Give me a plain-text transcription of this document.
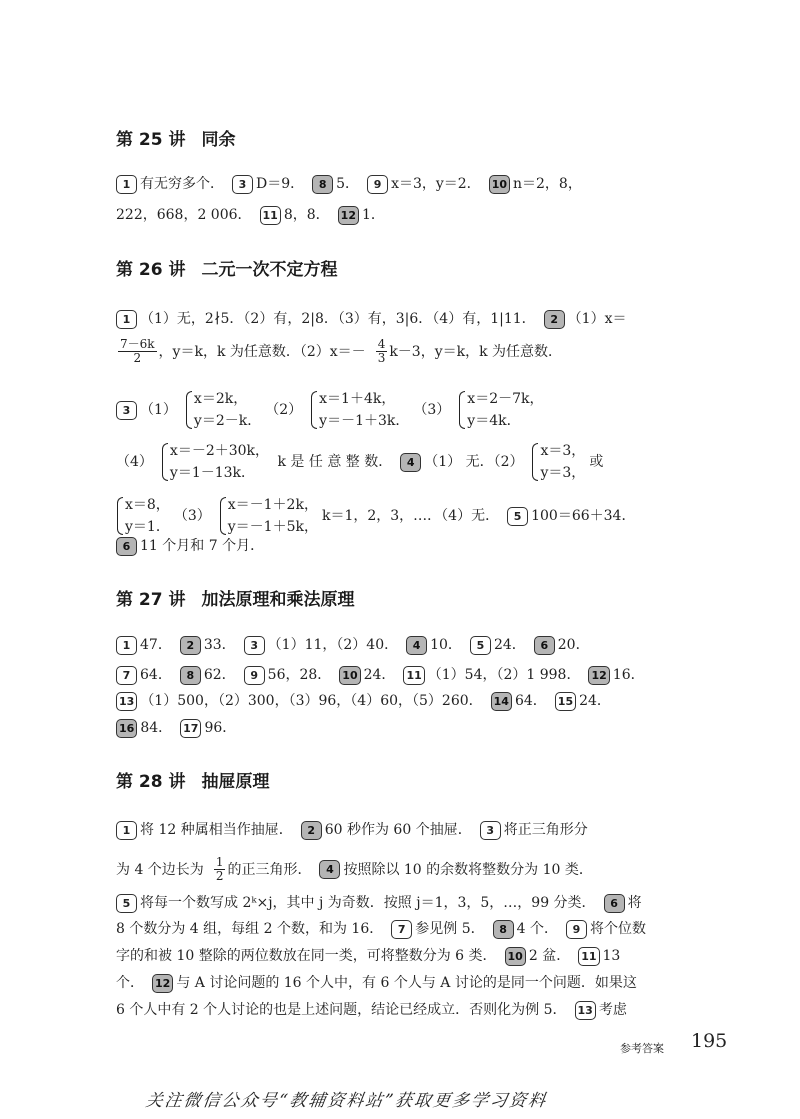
第 25 讲 同余
1 有无穷多个． 3 D＝9． 8 5． 9 x＝3，y＝2． 10 n＝2，8，
222，668，2 006． 11 8，8． 12 1．
第 26 讲 二元一次不定方程
1 （1）无，2∤5．（2）有，2|8．（3）有，3|6．（4）有，1|11． 2 （1）x＝
$\frac{7-6k}{2}$ ，y＝k，k 为任意数．$(2)x=- \frac{4}{3} k-3$，y＝k，k 为任意数．
3 （1）
x＝2k，
y＝2－k．
（2）
x＝1＋4k，
y＝－1＋3k．
（3）
x＝2－7k，
y＝4k．
（4）
x＝－2＋30k，
y＝1－13k．
k 是 任 意 整 数． 4 （1） 无．（2）
x＝3，
y＝3，
或
x＝8，
y＝1．
（3）
x＝－1＋2k，
y＝－1＋5k，
k＝1，2，3，…．（4）无． 5 100＝66＋34．
6 11 个月和 7 个月．
第 27 讲 加法原理和乘法原理
1 47． 2 33． 3 （1）11，（2）40． 4 10． 5 24． 6 20．
7 64． 8 62． 9 56，28． 10 24． 11 （1）54，（2）1 998． 12 16．
13 （1）500，（2）300，（3）96，（4）60，（5）260． 14 64． 15 24．
16 84． 17 96．
第 28 讲 抽屉原理
1 将 12 种属相当作抽屉． 2 60 秒作为 60 个抽屉． 3 将正三角形分
为 4 个边长为 $\frac{1}{2}$ 的正三角形． 4 按照除以 10 的余数将整数分为 10 类．
5 将每一个数写成 2ᵏ×j，其中 j 为奇数．按照 j＝1，3，5，…，99 分类． 6 将
8 个数分为 4 组，每组 2 个数，和为 16． 7 参见例 5． 8 4 个． 9 将个位数
字的和被 10 整除的两位数放在同一类，可将整数分为 6 类． 10 2 盆． 11 13
个． 12 与 A 讨论问题的 16 个人中，有 6 个人与 A 讨论的是同一个问题．如果这
6 个人中有 2 个人讨论的也是上述问题，结论已经成立．否则化为例 5． 13 考虑
参考答案 195
关注微信公众号“教辅资料站”获取更多学习资料
